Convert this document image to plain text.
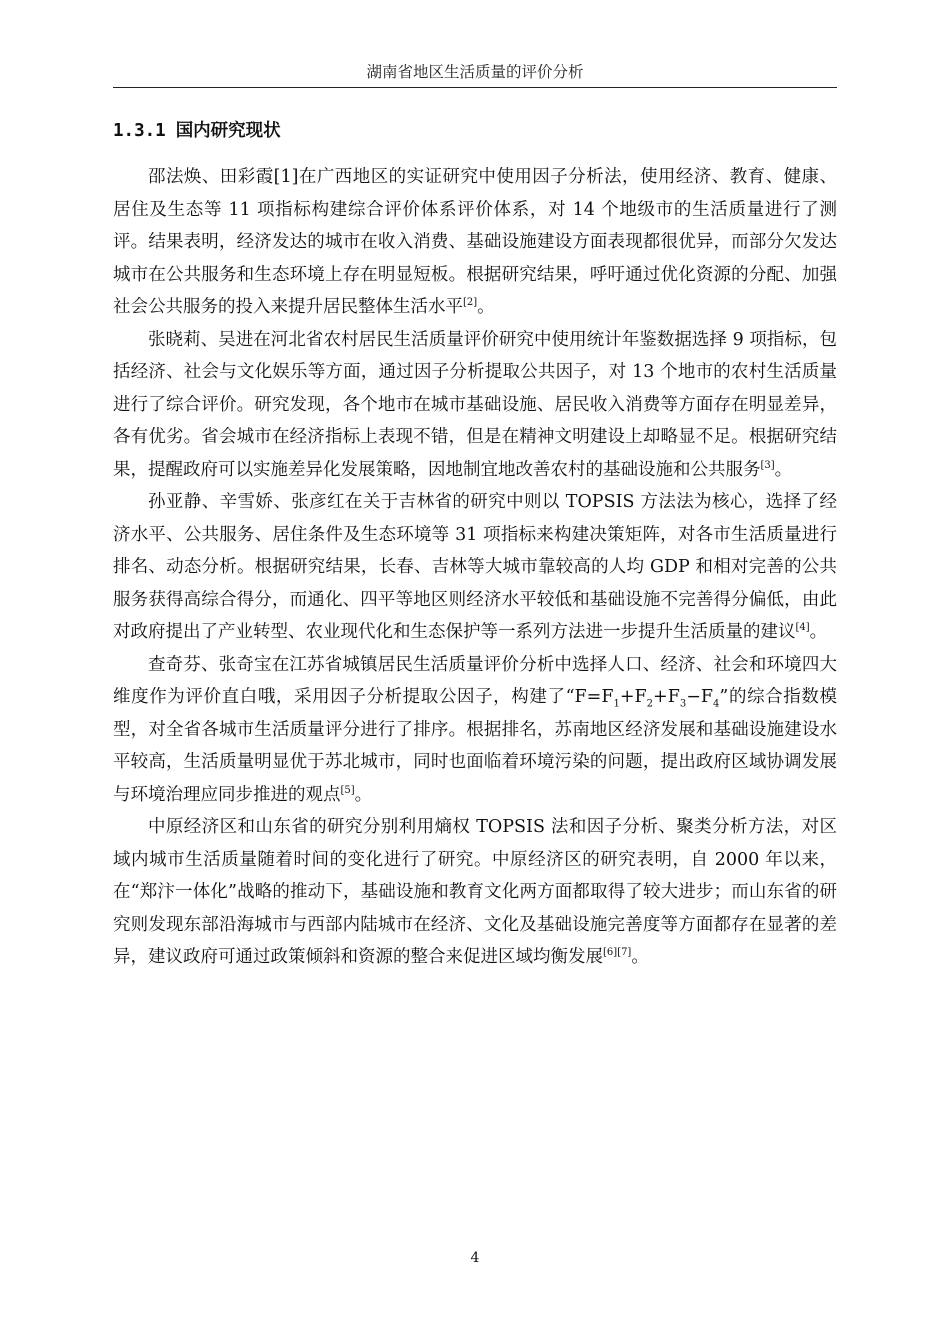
湖南省地区生活质量的评价分析
1.3.1 国内研究现状

邵法焕、田彩霞[1]在广西地区的实证研究中使用因子分析法，使用经济、教育、健康、居住及生态等 11 项指标构建综合评价体系评价体系，对 14 个地级市的生活质量进行了测评。结果表明，经济发达的城市在收入消费、基础设施建设方面表现都很优异，而部分欠发达城市在公共服务和生态环境上存在明显短板。根据研究结果，呼吁通过优化资源的分配、加强社会公共服务的投入来提升居民整体生活水平[2]。

张晓莉、吴进在河北省农村居民生活质量评价研究中使用统计年鉴数据选择 9 项指标，包括经济、社会与文化娱乐等方面，通过因子分析提取公共因子，对 13 个地市的农村生活质量进行了综合评价。研究发现，各个地市在城市基础设施、居民收入消费等方面存在明显差异，各有优劣。省会城市在经济指标上表现不错，但是在精神文明建设上却略显不足。根据研究结果，提醒政府可以实施差异化发展策略，因地制宜地改善农村的基础设施和公共服务[3]。

孙亚静、辛雪娇、张彦红在关于吉林省的研究中则以 TOPSIS 方法法为核心，选择了经济水平、公共服务、居住条件及生态环境等 31 项指标来构建决策矩阵，对各市生活质量进行排名、动态分析。根据研究结果，长春、吉林等大城市靠较高的人均 GDP 和相对完善的公共服务获得高综合得分，而通化、四平等地区则经济水平较低和基础设施不完善得分偏低，由此对政府提出了产业转型、农业现代化和生态保护等一系列方法进一步提升生活质量的建议[4]。

查奇芬、张奇宝在江苏省城镇居民生活质量评价分析中选择人口、经济、社会和环境四大维度作为评价直白哦，采用因子分析提取公因子，构建了“$F=F_1+F_2+F_3-F_4$”的综合指数模型，对全省各城市生活质量评分进行了排序。根据排名，苏南地区经济发展和基础设施建设水平较高，生活质量明显优于苏北城市，同时也面临着环境污染的问题，提出政府区域协调发展与环境治理应同步推进的观点[5]。

中原经济区和山东省的研究分别利用熵权 TOPSIS 法和因子分析、聚类分析方法，对区域内城市生活质量随着时间的变化进行了研究。中原经济区的研究表明，自 2000 年以来，在“郑汴一体化”战略的推动下，基础设施和教育文化两方面都取得了较大进步；而山东省的研究则发现东部沿海城市与西部内陆城市在经济、文化及基础设施完善度等方面都存在显著的差异，建议政府可通过政策倾斜和资源的整合来促进区域均衡发展[6][7]。

4
